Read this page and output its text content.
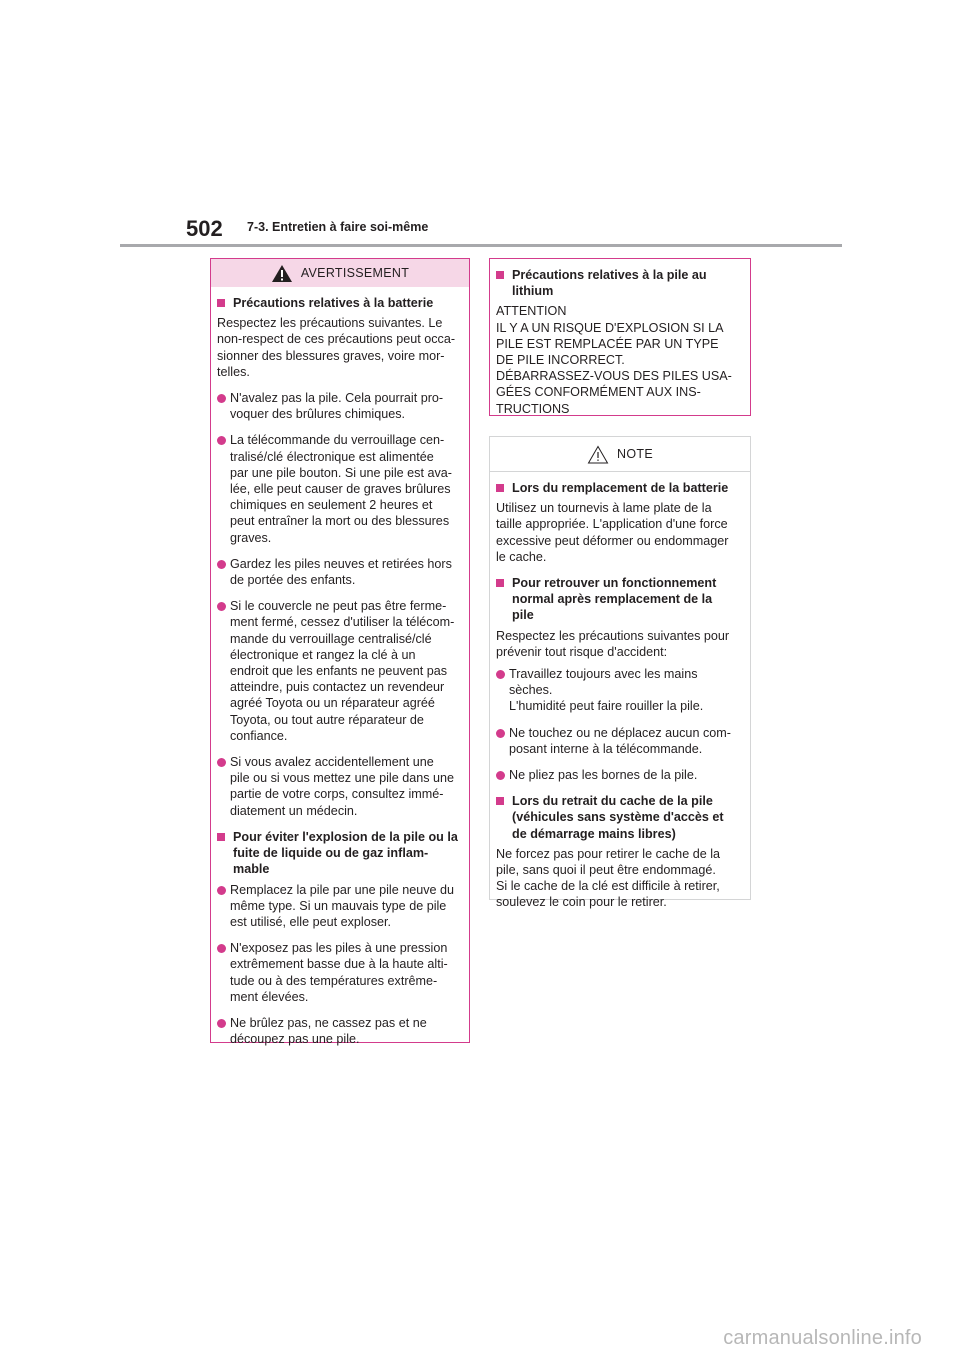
502 7-3. Entretien à faire soi-même
AVERTISSEMENT
Précautions relatives à la batterie
Respectez les précautions suivantes. Le
non-respect de ces précautions peut occa-
sionner des blessures graves, voire mor-
telles.
N'avalez pas la pile. Cela pourrait pro-
voquer des brûlures chimiques.
La télécommande du verrouillage cen-
tralisé/clé électronique est alimentée
par une pile bouton. Si une pile est ava-
lée, elle peut causer de graves brûlures
chimiques en seulement 2 heures et
peut entraîner la mort ou des blessures
graves.
Gardez les piles neuves et retirées hors
de portée des enfants.
Si le couvercle ne peut pas être ferme-
ment fermé, cessez d'utiliser la télécom-
mande du verrouillage centralisé/clé
électronique et rangez la clé à un
endroit que les enfants ne peuvent pas
atteindre, puis contactez un revendeur
agréé Toyota ou un réparateur agréé
Toyota, ou tout autre réparateur de
confiance.
Si vous avalez accidentellement une
pile ou si vous mettez une pile dans une
partie de votre corps, consultez immé-
diatement un médecin.
Pour éviter l'explosion de la pile ou la
fuite de liquide ou de gaz inflam-
mable
Remplacez la pile par une pile neuve du
même type. Si un mauvais type de pile
est utilisé, elle peut exploser.
N'exposez pas les piles à une pression
extrêmement basse due à la haute alti-
tude ou à des températures extrême-
ment élevées.
Ne brûlez pas, ne cassez pas et ne
découpez pas une pile.
Précautions relatives à la pile au
lithium
ATTENTION
IL Y A UN RISQUE D'EXPLOSION SI LA
PILE EST REMPLACÉE PAR UN TYPE
DE PILE INCORRECT.
DÉBARRASSEZ-VOUS DES PILES USA-
GÉES CONFORMÉMENT AUX INS-
TRUCTIONS
NOTE
Lors du remplacement de la batterie
Utilisez un tournevis à lame plate de la
taille appropriée. L'application d'une force
excessive peut déformer ou endommager
le cache.
Pour retrouver un fonctionnement
normal après remplacement de la
pile
Respectez les précautions suivantes pour
prévenir tout risque d'accident:
Travaillez toujours avec les mains
sèches.
L'humidité peut faire rouiller la pile.
Ne touchez ou ne déplacez aucun com-
posant interne à la télécommande.
Ne pliez pas les bornes de la pile.
Lors du retrait du cache de la pile
(véhicules sans système d'accès et
de démarrage mains libres)
Ne forcez pas pour retirer le cache de la
pile, sans quoi il peut être endommagé.
Si le cache de la clé est difficile à retirer,
soulevez le coin pour le retirer.
carmanualsonline.info
